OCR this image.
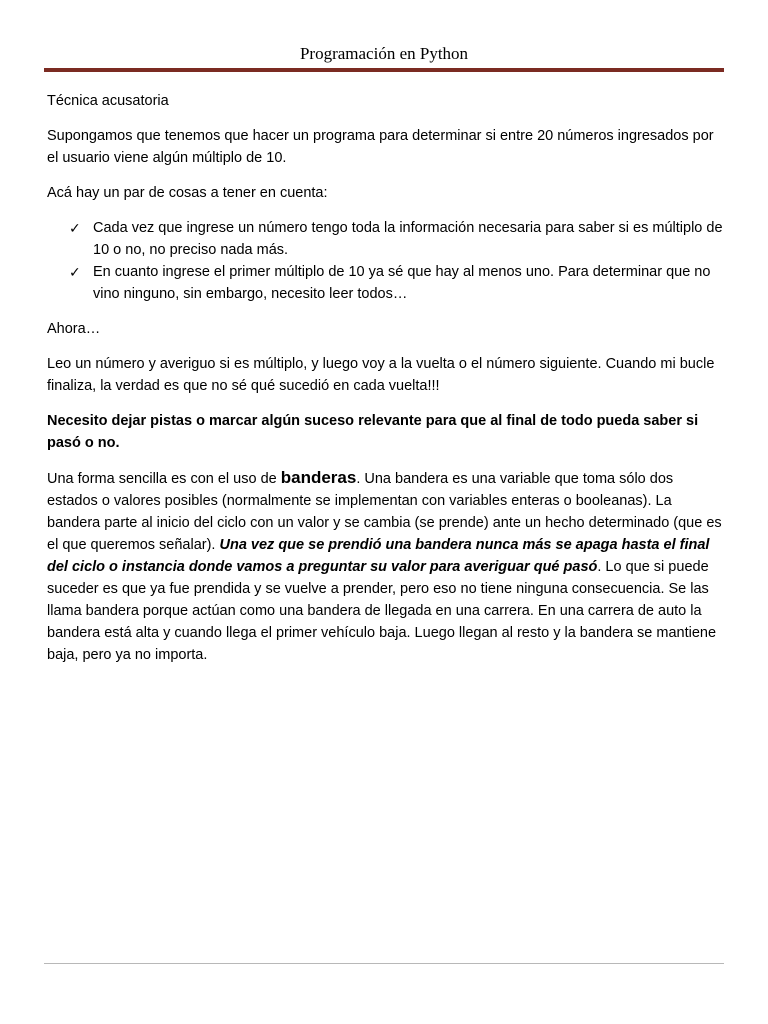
Programación en Python

Técnica acusatoria

Supongamos que tenemos que hacer un programa para determinar si entre 20 números ingresados por el usuario viene algún múltiplo de 10.

Acá hay un par de cosas a tener en cuenta:

✓ Cada vez que ingrese un número tengo toda la información necesaria para saber si es múltiplo de 10 o no, no preciso nada más.
✓ En cuanto ingrese el primer múltiplo de 10 ya sé que hay al menos uno. Para determinar que no vino ninguno, sin embargo, necesito leer todos…

Ahora…

Leo un número y averiguo si es múltiplo, y luego voy a la vuelta o el número siguiente. Cuando mi bucle finaliza, la verdad es que no sé qué sucedió en cada vuelta!!!

Necesito dejar pistas o marcar algún suceso relevante para que al final de todo pueda saber si pasó o no.

Una forma sencilla es con el uso de banderas. Una bandera es una variable que toma sólo dos estados o valores posibles (normalmente se implementan con variables enteras o booleanas). La bandera parte al inicio del ciclo con un valor y se cambia (se prende) ante un hecho determinado (que es el que queremos señalar). Una vez que se prendió una bandera nunca más se apaga hasta el final del ciclo o instancia donde vamos a preguntar su valor para averiguar qué pasó. Lo que si puede suceder es que ya fue prendida y se vuelve a prender, pero eso no tiene ninguna consecuencia. Se las llama bandera porque actúan como una bandera de llegada en una carrera. En una carrera de auto la bandera está alta y cuando llega el primer vehículo baja. Luego llegan al resto y la bandera se mantiene baja, pero ya no importa.
